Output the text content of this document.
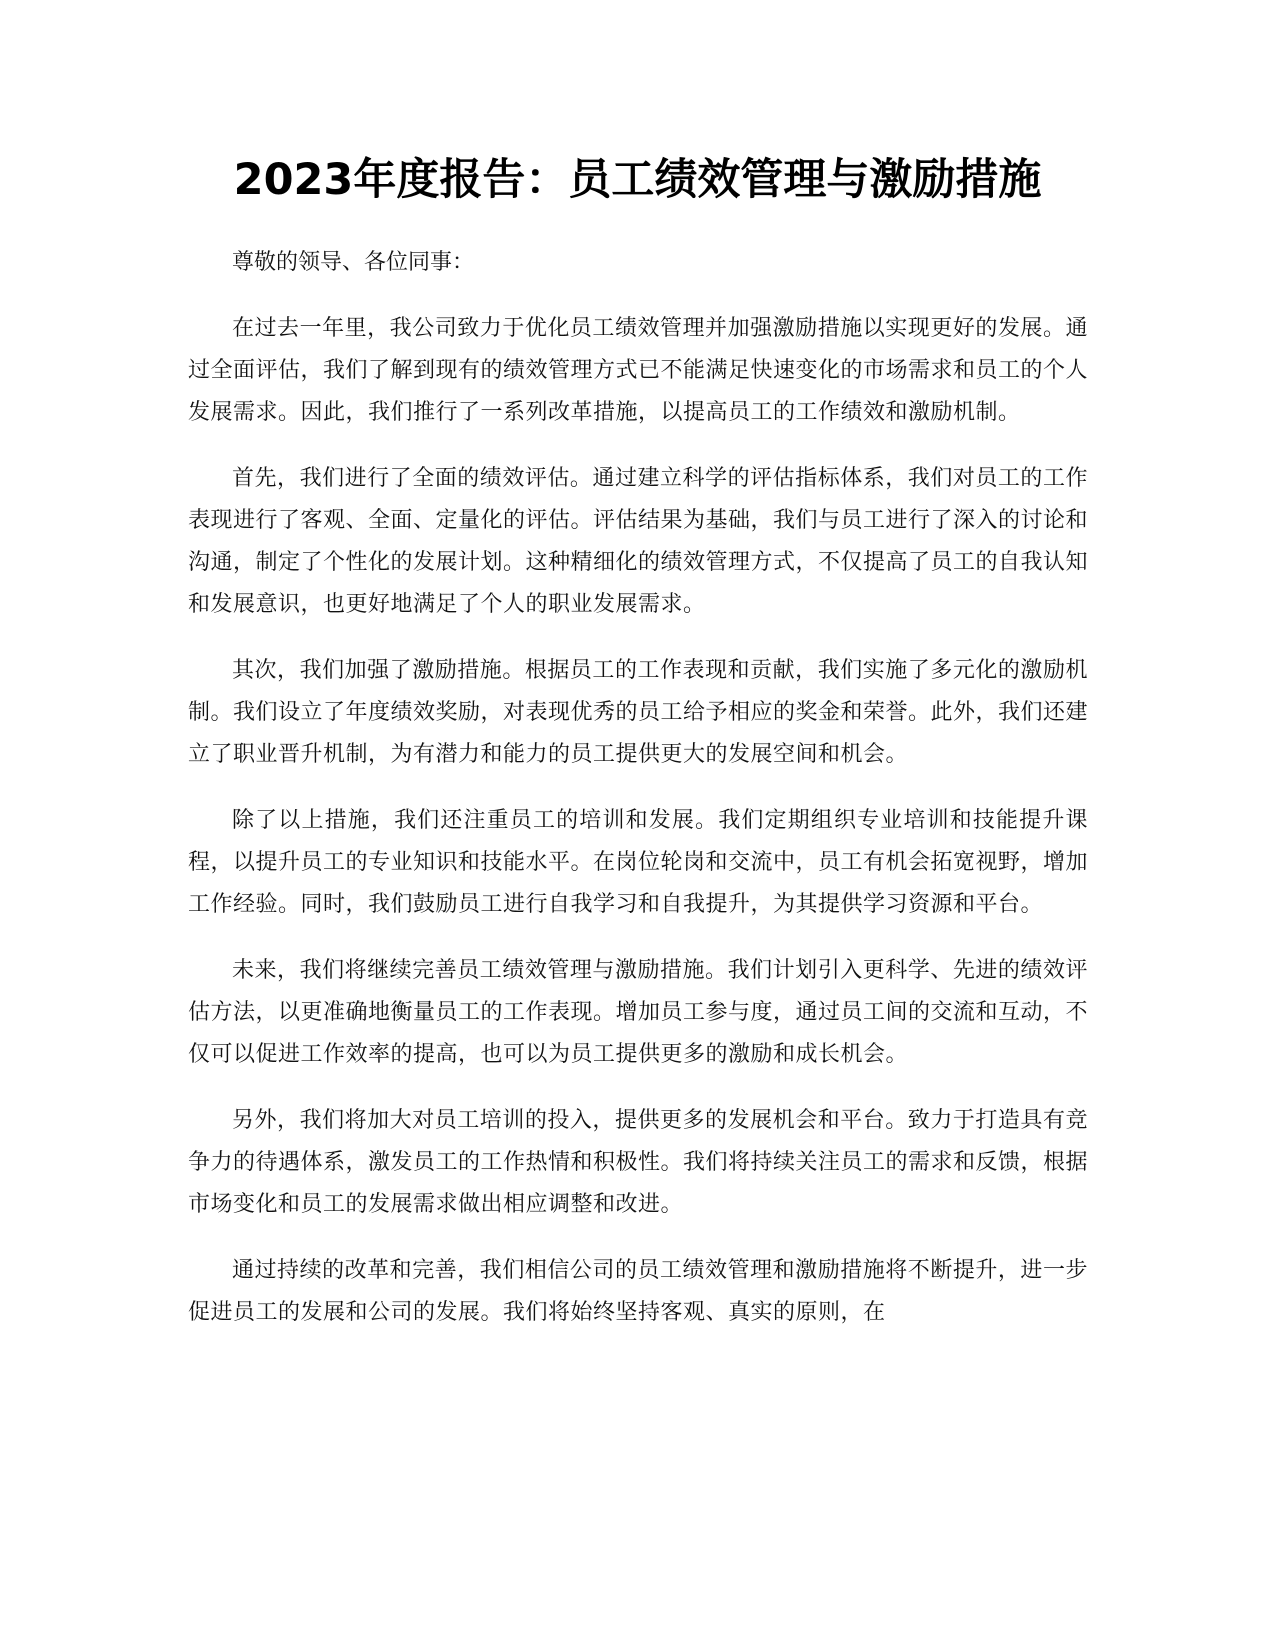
2023年度报告：员工绩效管理与激励措施

尊敬的领导、各位同事：

在过去一年里，我公司致力于优化员工绩效管理并加强激励措施以实现更好的发展。通过全面评估，我们了解到现有的绩效管理方式已不能满足快速变化的市场需求和员工的个人发展需求。因此，我们推行了一系列改革措施，以提高员工的工作绩效和激励机制。

首先，我们进行了全面的绩效评估。通过建立科学的评估指标体系，我们对员工的工作表现进行了客观、全面、定量化的评估。评估结果为基础，我们与员工进行了深入的讨论和沟通，制定了个性化的发展计划。这种精细化的绩效管理方式，不仅提高了员工的自我认知和发展意识，也更好地满足了个人的职业发展需求。

其次，我们加强了激励措施。根据员工的工作表现和贡献，我们实施了多元化的激励机制。我们设立了年度绩效奖励，对表现优秀的员工给予相应的奖金和荣誉。此外，我们还建立了职业晋升机制，为有潜力和能力的员工提供更大的发展空间和机会。

除了以上措施，我们还注重员工的培训和发展。我们定期组织专业培训和技能提升课程，以提升员工的专业知识和技能水平。在岗位轮岗和交流中，员工有机会拓宽视野，增加工作经验。同时，我们鼓励员工进行自我学习和自我提升，为其提供学习资源和平台。

未来，我们将继续完善员工绩效管理与激励措施。我们计划引入更科学、先进的绩效评估方法，以更准确地衡量员工的工作表现。增加员工参与度，通过员工间的交流和互动，不仅可以促进工作效率的提高，也可以为员工提供更多的激励和成长机会。

另外，我们将加大对员工培训的投入，提供更多的发展机会和平台。致力于打造具有竞争力的待遇体系，激发员工的工作热情和积极性。我们将持续关注员工的需求和反馈，根据市场变化和员工的发展需求做出相应调整和改进。

通过持续的改革和完善，我们相信公司的员工绩效管理和激励措施将不断提升，进一步促进员工的发展和公司的发展。我们将始终坚持客观、真实的原则，在
